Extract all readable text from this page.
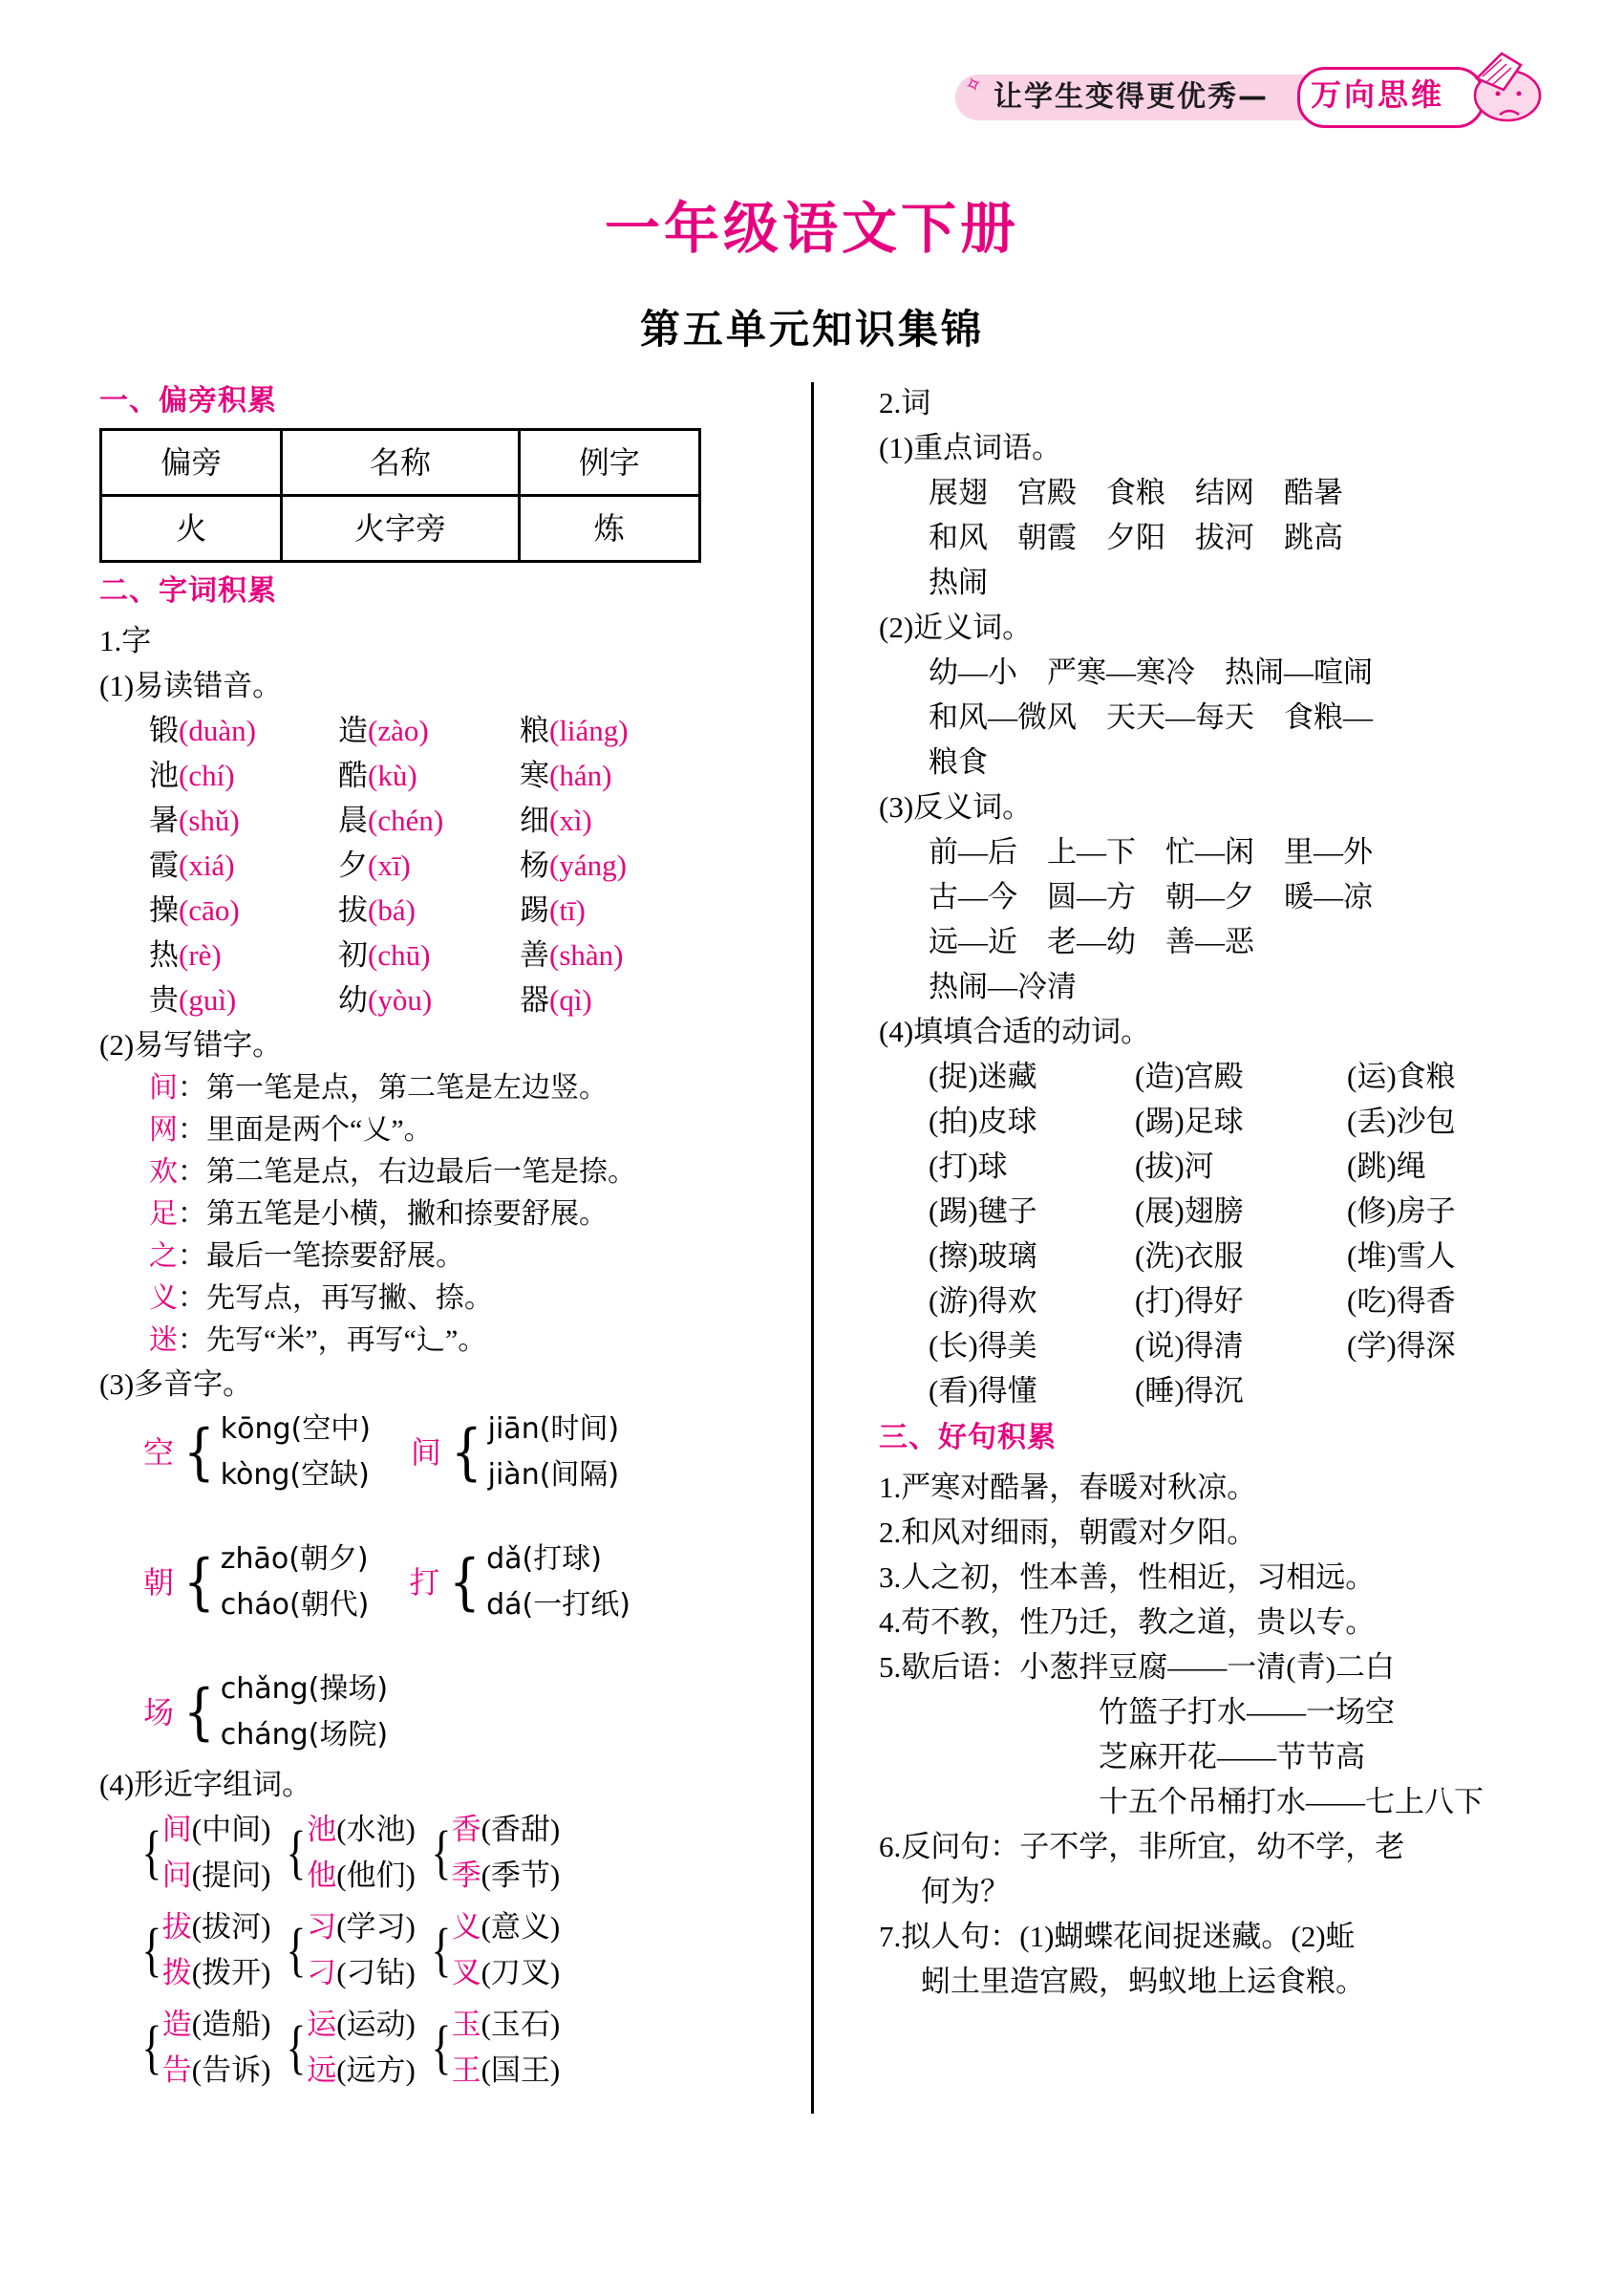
✧ 让学生变得更优秀— 万向思维
一年级语文下册
第五单元知识集锦
一、偏旁积累
偏旁	名称	例字
火	火字旁	炼
二、字词积累

1.字

(1)易读错音。

锻(duàn)	造(zào)	粮(liáng)
池(chí)	酷(kù)	寒(hán)
暑(shǔ)	晨(chén)	细(xì)
霞(xiá)	夕(xī)	杨(yáng)
操(cāo)	拔(bá)	踢(tī)
热(rè)	初(chū)	善(shàn)
贵(guì)	幼(yòu)	器(qì)

(2)易写错字。

间：第一笔是点，第二笔是左边竖。
网：里面是两个“乂”。
欢：第二笔是点，右边最后一笔是捺。
足：第五笔是小横，撇和捺要舒展。
之：最后一笔捺要舒展。
义：先写点，再写撇、捺。
迷：先写“米”，再写“辶”。

(3)多音字。

空 { kōng(空中)
kòng(空缺)
间 { jiān(时间)
jiàn(间隔)
朝 { zhāo(朝夕)
cháo(朝代)
打 { dǎ(打球)
dá(一打纸)
场 { chǎng(操场)
cháng(场院)

(4)形近字组词。

{ 间(中间)
问(提问)
{ 拔(拔河)
拨(拨开)
{ 造(造船)
告(告诉)
{ 池(水池)
他(他们)
{ 习(学习)
刁(刁钻)
{ 运(运动)
远(远方)
{ 香(香甜)
季(季节)
{ 义(意义)
叉(刀叉)
{ 玉(玉石)
王(国王)

2.词

(1)重点词语。

展翅　宫殿　食粮　结网　酷暑
和风　朝霞　夕阳　拔河　跳高
热闹

(2)近义词。

幼—小　严寒—寒冷　热闹—喧闹
和风—微风　天天—每天　食粮—
粮食

(3)反义词。

前—后　上—下　忙—闲　里—外
古—今　圆—方　朝—夕　暖—凉
远—近　老—幼　善—恶
热闹—冷清

(4)填填合适的动词。

(捉)迷藏	(造)宫殿	(运)食粮
(拍)皮球	(踢)足球	(丢)沙包
(打)球	(拔)河	(跳)绳
(踢)毽子	(展)翅膀	(修)房子
(擦)玻璃	(洗)衣服	(堆)雪人
(游)得欢	(打)得好	(吃)得香
(长)得美	(说)得清	(学)得深
(看)得懂	(睡)得沉
三、好句积累

1.严寒对酷暑，春暖对秋凉。

2.和风对细雨，朝霞对夕阳。

3.人之初，性本善，性相近，习相远。

4.苟不教，性乃迁，教之道，贵以专。

5.歇后语：小葱拌豆腐——一清(青)二白

竹篮子打水——一场空
芝麻开花——节节高
十五个吊桶打水——七上八下

6.反问句：子不学，非所宜，幼不学，老

何为？

7.拟人句：(1)蝴蝶花间捉迷藏。(2)蚯

蚓土里造宫殿，蚂蚁地上运食粮。
